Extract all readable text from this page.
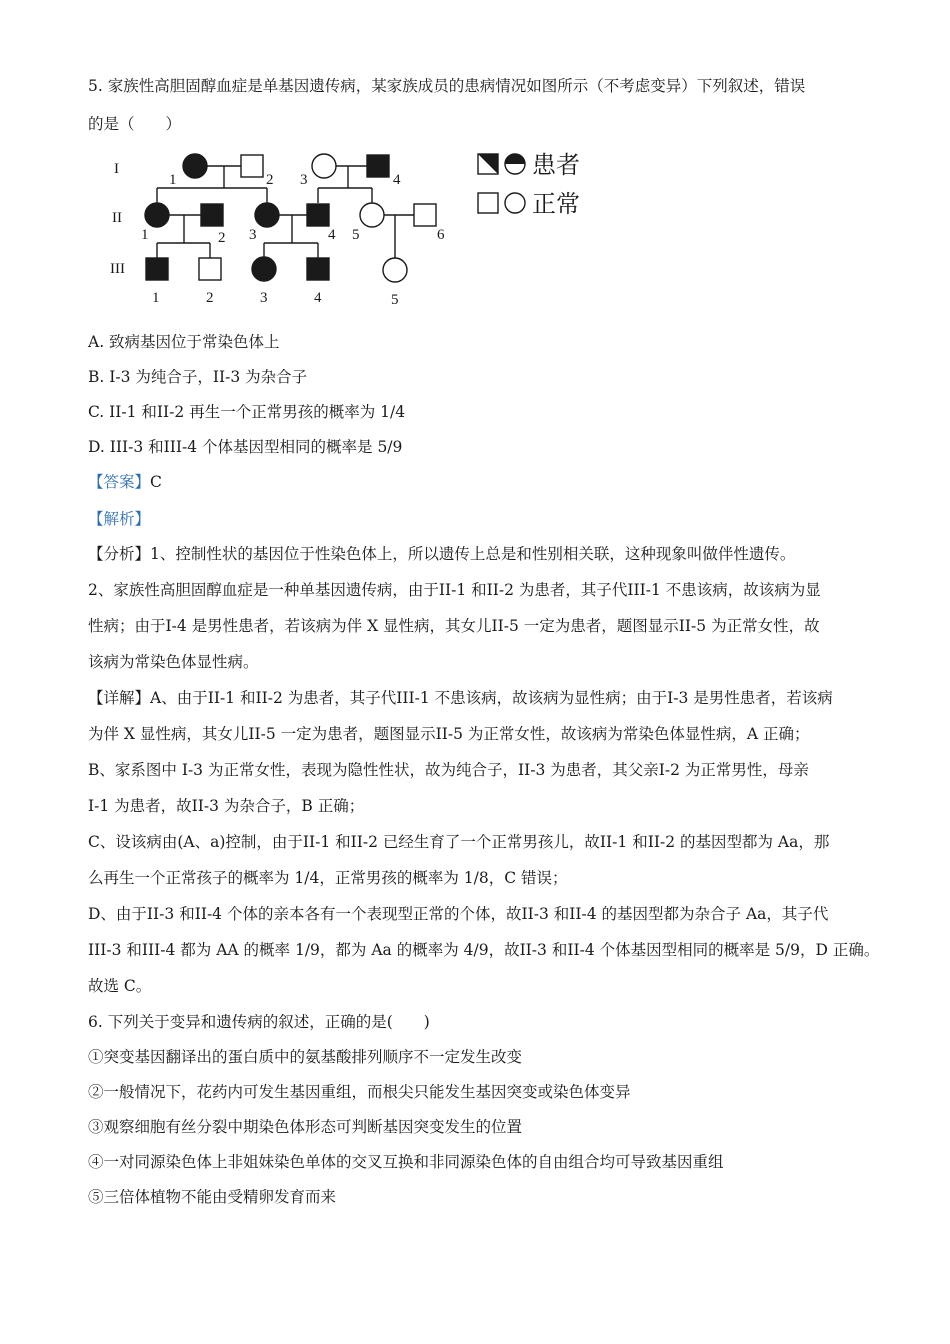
5. 家族性高胆固醇血症是单基因遗传病，某家族成员的患病情况如图所示（不考虑变异）下列叙述，错误
的是（　　）
I
II
III
1	2 3	4
1	2 3	4 5	6
1	2	3	4	5
患者
正常
A. 致病基因位于常染色体上
B. I-3 为纯合子，II-3 为杂合子
C. II-1 和II-2 再生一个正常男孩的概率为 1/4
D. III-3 和III-4 个体基因型相同的概率是 5/9
【答案】C
【解析】
【分析】1、控制性状的基因位于性染色体上，所以遗传上总是和性别相关联，这种现象叫做伴性遗传。
2、家族性高胆固醇血症是一种单基因遗传病，由于II-1 和II-2 为患者，其子代III-1 不患该病，故该病为显
性病；由于I-4 是男性患者，若该病为伴 X 显性病，其女儿II-5 一定为患者，题图显示II-5 为正常女性，故
该病为常染色体显性病。
【详解】A、由于II-1 和II-2 为患者，其子代III-1 不患该病，故该病为显性病；由于I-3 是男性患者，若该病
为伴 X 显性病，其女儿II-5 一定为患者，题图显示II-5 为正常女性，故该病为常染色体显性病，A 正确；
B、家系图中 I-3 为正常女性，表现为隐性性状，故为纯合子，II-3 为患者，其父亲I-2 为正常男性，母亲
I-1 为患者，故II-3 为杂合子，B 正确；
C、设该病由(A、a)控制，由于II-1 和II-2 已经生育了一个正常男孩儿，故II-1 和II-2 的基因型都为 Aa，那
么再生一个正常孩子的概率为 1/4，正常男孩的概率为 1/8，C 错误；
D、由于II-3 和II-4 个体的亲本各有一个表现型正常的个体，故II-3 和II-4 的基因型都为杂合子 Aa，其子代
III-3 和III-4 都为 AA 的概率 1/9，都为 Aa 的概率为 4/9，故II-3 和II-4 个体基因型相同的概率是 5/9，D 正确。
故选 C。
6. 下列关于变异和遗传病的叙述，正确的是(　　)
①突变基因翻译出的蛋白质中的氨基酸排列顺序不一定发生改变
②一般情况下，花药内可发生基因重组，而根尖只能发生基因突变或染色体变异
③观察细胞有丝分裂中期染色体形态可判断基因突变发生的位置
④一对同源染色体上非姐妹染色单体的交叉互换和非同源染色体的自由组合均可导致基因重组
⑤三倍体植物不能由受精卵发育而来
